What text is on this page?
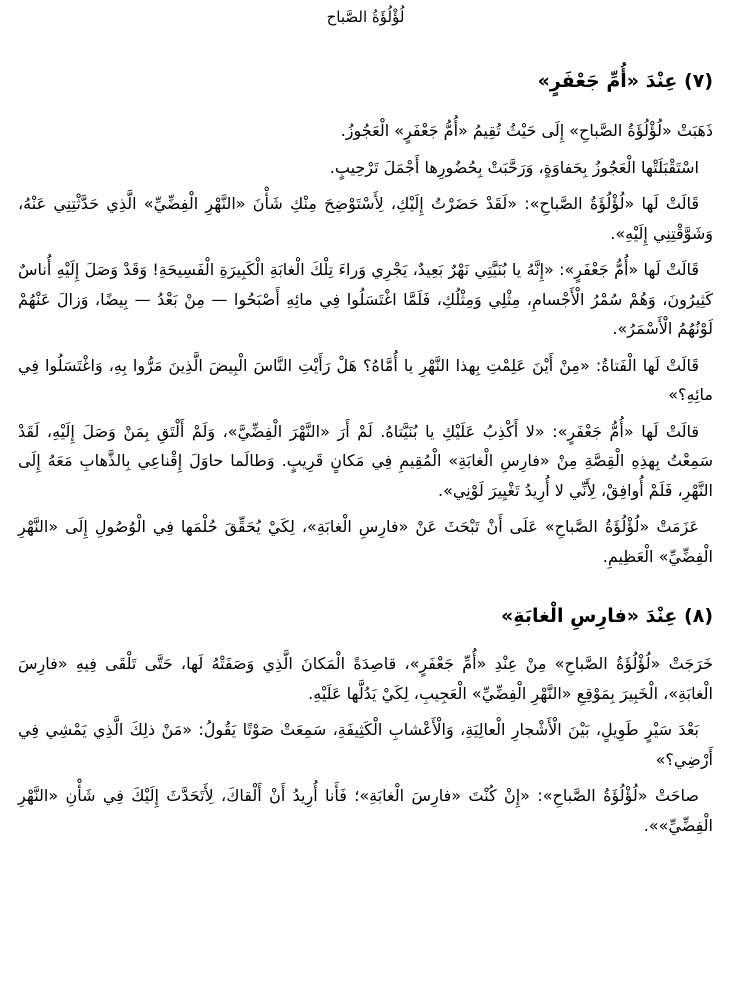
لُؤْلُؤَةُ الصَّباح
(٧) عِنْدَ «أُمِّ جَعْفَرٍ»

ذَهَبَتْ «لُؤْلُؤَةُ الصَّباحِ» إِلَى حَيْثُ تُقِيمُ «أُمُّ جَعْفَرٍ» الْعَجُوزُ.

اسْتَقْبَلَتْها الْعَجُوزُ بِحَفاوَةٍ، وَرَحَّبَتْ بِحُضُورِها أَجْمَلَ تَرْحِيبٍ.

قَالَتْ لَها «لُؤْلُؤَةُ الصَّباحِ»: «لَقَدْ حَضَرْتُ إِلَيْكِ، لِأَسْتَوْضِحَ مِنْكِ شَأْنَ «النَّهْرِ الْفِضِّيِّ» الَّذِي حَدَّثْتِنِي عَنْهُ، وَشَوَّقْتِنِي إِلَيْهِ».

قَالَتْ لَها «أُمُّ جَعْفَرٍ»: «إِنَّهُ يا بُنَيَّتِي نَهْرٌ بَعِيدٌ، يَجْرِي وَراءَ تِلْكَ الْغابَةِ الْكَبِيرَةِ الْفَسِيحَةِ! وَقَدْ وَصَلَ إِلَيْهِ أُناسٌ كَثِيرُونَ، وَهُمْ سُمْرُ الْأَجْسامِ، مِثْلِي وَمِثْلُكِ، فَلَمَّا اغْتَسَلُوا فِي مائِهِ أَصْبَحُوا — مِنْ بَعْدُ — بِيضًا، وَزالَ عَنْهُمْ لَوْنُهُمُ الْأَسْمَرُ».

قَالَتْ لَها الْفَتاةُ: «مِنْ أَيْنَ عَلِمْتِ بِهذا النَّهْرِ يا أُمَّاهُ؟ هَلْ رَأَيْتِ النَّاسَ الْبِيضَ الَّذِينَ مَرُّوا بِهِ، وَاغْتَسَلُوا فِي مائِهِ؟»

قالَتْ لَها «أُمُّ جَعْفَرٍ»: «لا أَكْذِبُ عَلَيْكِ يا بُنَيَّتاهُ. لَمْ أَرَ «النَّهْرَ الْفِضِّيَّ»، وَلَمْ أَلْتَقِ بِمَنْ وَصَلَ إِلَيْهِ، لَقَدْ سَمِعْتُ بِهذِهِ الْقِصَّةِ مِنْ «فارِسِ الْغابَةِ» الْمُقِيمِ فِي مَكانٍ قَرِيبٍ. وَطالَما حاوَلَ إِقْناعِي بِالذَّهابِ مَعَهُ إِلَى النَّهْرِ، فَلَمْ أُوافِقْ، لِأَنِّي لا أُرِيدُ تَغْيِيرَ لَوْنِي».

عَزَمَتْ «لُؤْلُؤَةُ الصَّباحِ» عَلَى أَنْ تَبْحَثَ عَنْ «فارِسِ الْغابَةِ»، لِكَيْ يُحَقِّقَ حُلْمَها فِي الْوُصُولِ إِلَى «النَّهْرِ الْفِضِّيِّ» الْعَظِيمِ.

(٨) عِنْدَ «فارِسِ الْغابَةِ»

خَرَجَتْ «لُؤْلُؤَةُ الصَّباحِ» مِنْ عِنْدِ «أُمِّ جَعْفَرٍ»، قاصِدَةً الْمَكانَ الَّذِي وَصَفَتْهُ لَها، حَتَّى تَلْقَى فِيهِ «فارِسَ الْغابَةِ»، الْخَبِيرَ بِمَوْقِعِ «النَّهْرِ الْفِضِّيِّ» الْعَجِيبِ، لِكَيْ يَدُلَّها عَلَيْهِ.

بَعْدَ سَيْرٍ طَوِيلٍ، بَيْنَ الْأَشْجارِ الْعالِيَةِ، وَالْأَعْشابِ الْكَثِيفَةِ، سَمِعَتْ صَوْتًا يَقُولُ: «مَنْ ذلِكَ الَّذِي يَمْشِي فِي أَرْضِي؟»

صاحَتْ «لُؤْلُؤَةُ الصَّباحِ»: «إِنْ كُنْتَ «فارِسَ الْغابَةِ»؛ فَأَنا أُرِيدُ أَنْ أَلْقاكَ، لِأَتَحَدَّثَ إِلَيْكَ فِي شَأْنِ «النَّهْرِ الْفِضِّيِّ»».
